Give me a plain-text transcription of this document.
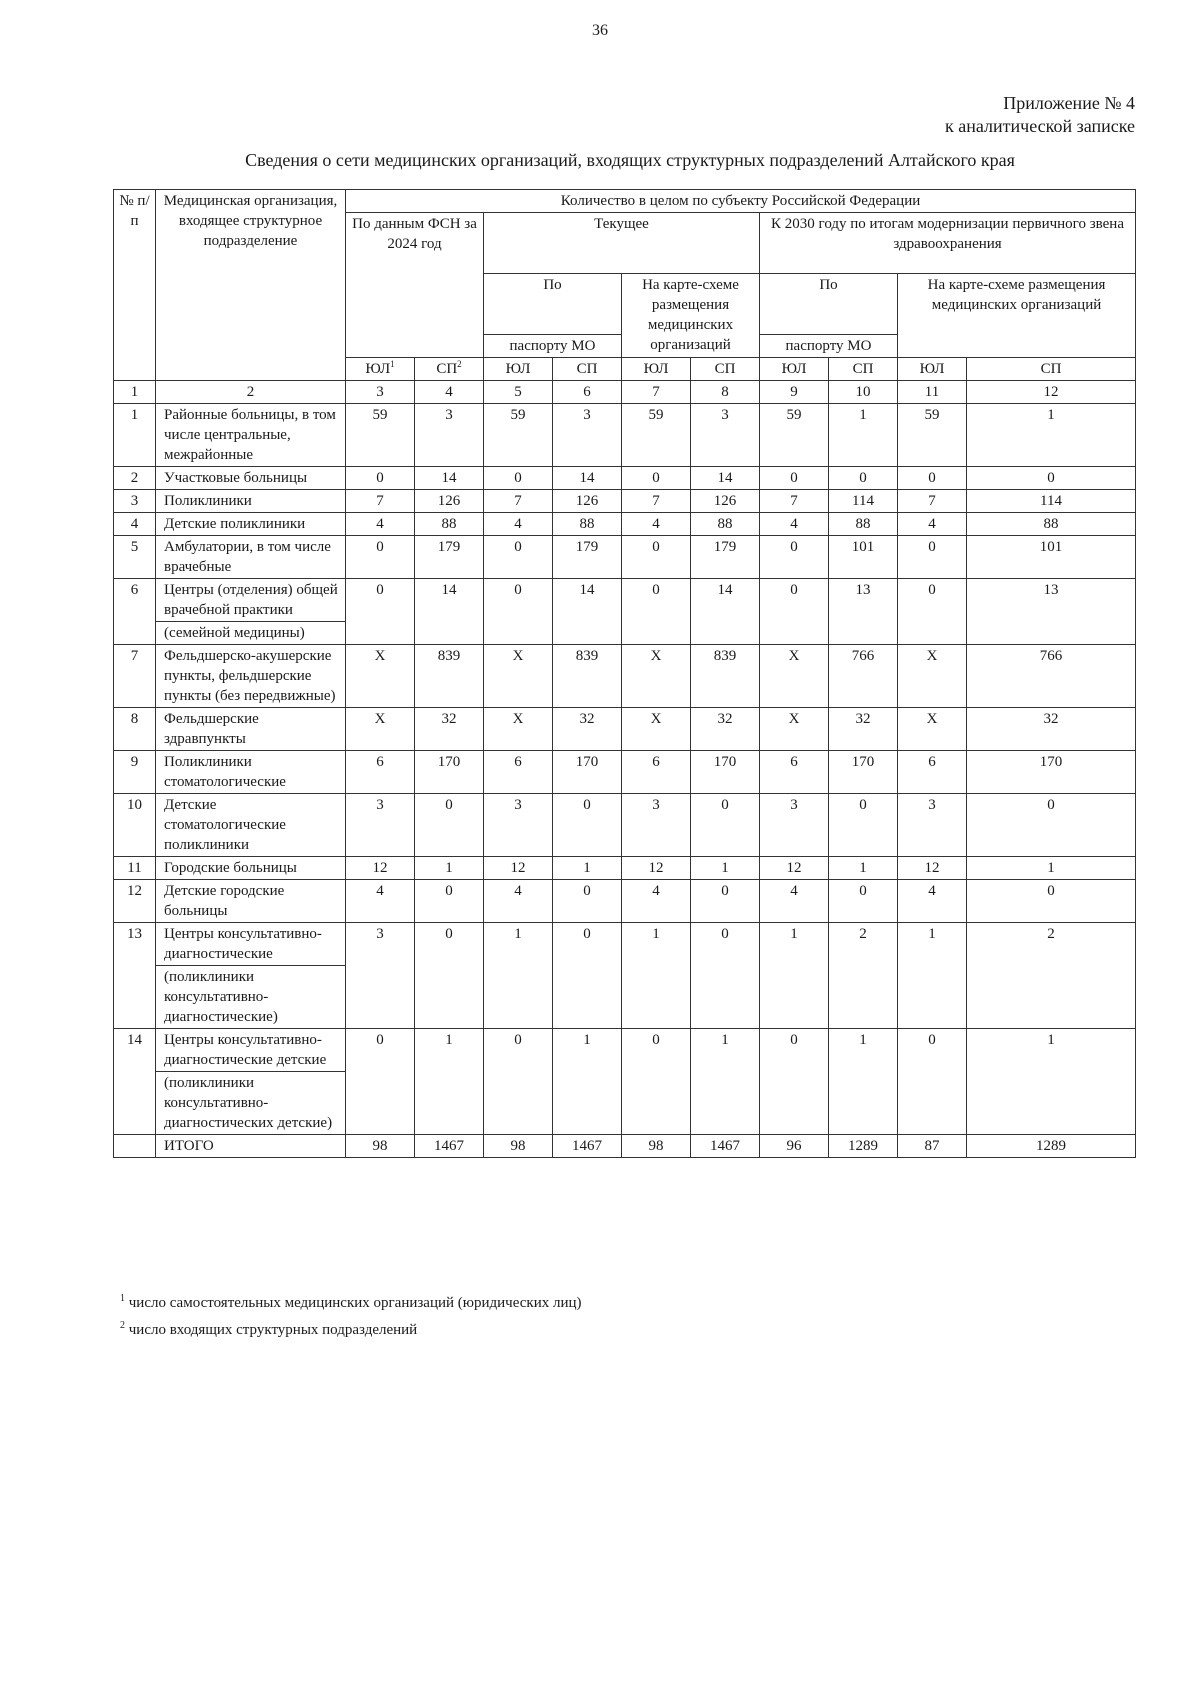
36
Приложение № 4
к аналитической записке
Сведения о сети медицинских организаций, входящих структурных подразделений Алтайского края
№ п/п	Медицинская организация, входящее структурное подразделение	Количество в целом по субъекту Российской Федерации									
		По данным ФСН за 2024 год		Текущее				К 2030 году по итогам модернизации первичного звена здравоохранения			
				По		На карте-схеме размещения медицинских организаций		По		На карте-схеме размещения медицинских организаций	
				паспорту МО				паспорту МО			
		$ЮЛ^1$	$СП^2$	ЮЛ	СП	ЮЛ	СП	ЮЛ	СП	ЮЛ	СП
1	2	3	4	5	6	7	8	9	10	11	12
1	Районные больницы, в том числе центральные, межрайонные	59	3	59	3	59	3	59	1	59	1
2	Участковые больницы	0	14	0	14	0	14	0	0	0	0
3	Поликлиники	7	126	7	126	7	126	7	114	7	114
4	Детские поликлиники	4	88	4	88	4	88	4	88	4	88
5	Амбулатории, в том числе врачебные	0	179	0	179	0	179	0	101	0	101
6	Центры (отделения) общей врачебной практики	0	14	0	14	0	14	0	13	0	13
	(семейной медицины)										
7	Фельдшерско-акушерские пункты, фельдшерские пункты (без передвижные)	Х	839	Х	839	Х	839	Х	766	Х	766
8	Фельдшерские здравпункты	Х	32	Х	32	Х	32	Х	32	Х	32
9	Поликлиники стоматологические	6	170	6	170	6	170	6	170	6	170
10	Детские стоматологические поликлиники	3	0	3	0	3	0	3	0	3	0
11	Городские больницы	12	1	12	1	12	1	12	1	12	1
12	Детские городские больницы	4	0	4	0	4	0	4	0	4	0
13	Центры консультативно-диагностические	3	0	1	0	1	0	1	2	1	2
	(поликлиники консультативно-диагностические)										
14	Центры консультативно-диагностические детские	0	1	0	1	0	1	0	1	0	1
	(поликлиники консультативно-диагностических детские)										
	ИТОГО	98	1467	98	1467	98	1467	96	1289	87	1289
$^1$ число самостоятельных медицинских организаций (юридических лиц)
$^2$ число входящих структурных подразделений
